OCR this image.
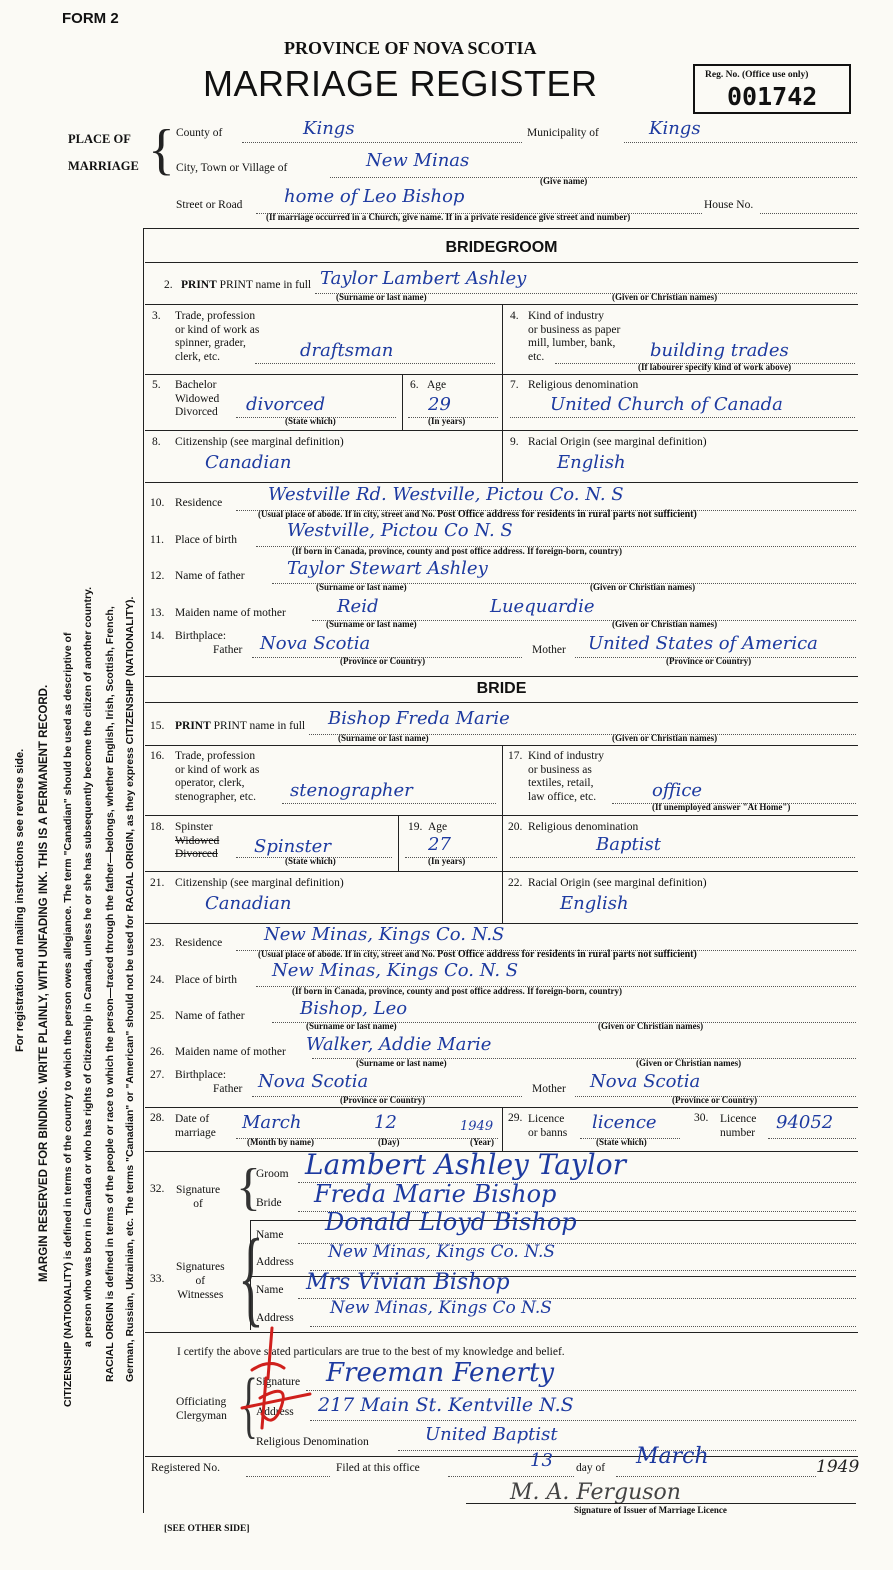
For registration and mailing instructions see reverse side. MARGIN RESERVED FOR BINDING. WRITE PLAINLY, WITH UNFADING INK. THIS IS A PERMANENT RECORD. CITIZENSHIP (NATIONALITY) is defined in terms of the country to which the person owes allegiance. The term "Canadian" should be used as descriptive of a person who was born in Canada or who has rights of Citizenship in Canada, unless he or she has subsequently become the citizen of another country. RACIAL ORIGIN is defined in terms of the people or race to which the person—traced through the father—belongs, whether English, Irish, Scottish, French, German, Russian, Ukrainian, etc. The terms "Canadian" or "American" should not be used for RACIAL ORIGIN, as they express CITIZENSHIP (NATIONALITY).
FORM 2
PROVINCE OF NOVA SCOTIA
MARRIAGE REGISTER	Reg. No. (Office use only)
001742
PLACE OF
MARRIAGE { County of	Kings	Municipality of	Kings
City, Town or Village of	New Minas
(Give name)
Street or Road home of Leo Bishop	House No.
(If marriage occurred in a Church, give name. If in a private residence give street and number)
BRIDEGROOM
2. PRINT PRINT name in full Taylor Lambert Ashley
(Surname or last name)	(Given or Christian names)
3. Trade, profession
or kind of work as
spinner, grader,
clerk, etc.	draftsman
4. Kind of industry
or business as paper
mill, lumber, bank,
etc.	building trades
(If labourer specify kind of work above)
5. Bachelor
Widowed
Divorced divorced
(State which)
6. Age
29
(In years)
7. Religious denomination
United Church of Canada
8. Citizenship (see marginal definition)
Canadian
9. Racial Origin (see marginal definition)
English
10. Residence	Westville Rd. Westville, Pictou Co. N. S
(Usual place of abode. If in city, street and No. Post Office address for residents in rural parts not sufficient)
11. Place of birth	Westville, Pictou Co N. S
(If born in Canada, province, county and post office address. If foreign-born, country)
12. Name of father Taylor Stewart Ashley
(Surname or last name)	(Given or Christian names)
13. Maiden name of mother	Reid	Luequardie
(Surname or last name)	(Given or Christian names)
14. Birthplace:
Father Nova Scotia
(Province or Country)
Mother United States of America
(Province or Country)
BRIDE
15. PRINT PRINT name in full Bishop Freda Marie
(Surname or last name)	(Given or Christian names)
16. Trade, profession
or kind of work as
operator, clerk,
stenographer, etc. stenographer
17. Kind of industry
or business as
textiles, retail,
law office, etc.	office
(If unemployed answer "At Home")
18. Spinster
Widowed
Divorced Spinster
(State which)
19. Age
27
(In years)
20. Religious denomination
Baptist
21. Citizenship (see marginal definition)
Canadian
22. Racial Origin (see marginal definition)
English
23. Residence New Minas, Kings Co. N.S
(Usual place of abode. If in city, street and No. Post Office address for residents in rural parts not sufficient)
24. Place of birth New Minas, Kings Co. N. S
(If born in Canada, province, county and post office address. If foreign-born, country)
25. Name of father	Bishop, Leo
(Surname or last name)	(Given or Christian names)
26. Maiden name of mother Walker, Addie Marie
(Surname or last name)	(Given or Christian names)
27. Birthplace:
Father Nova Scotia
(Province or Country)
Mother Nova Scotia
(Province or Country)
28. Date of
marriage March	12	1949
(Month by name)	(Day)	(Year)
29. Licence
or banns licence
(State which)
30. Licence
number 94052
32. Signature
of {
Groom Lambert Ashley Taylor
Bride Freda Marie Bishop
33.
Signatures
of
Witnesses {
Name Donald Lloyd Bishop
Address New Minas, Kings Co. N.S
Name Mrs Vivian Bishop
Address New Minas, Kings Co N.S
I certify the above stated particulars are true to the best of my knowledge and belief.
Signature Freeman Fenerty
Officiating
Clergyman {
Address 217 Main St. Kentville N.S
Religious Denomination	United Baptist
Registered No.	Filed at this office	13 day of March	1949
M. A. Ferguson
Signature of Issuer of Marriage Licence
[SEE OTHER SIDE]
